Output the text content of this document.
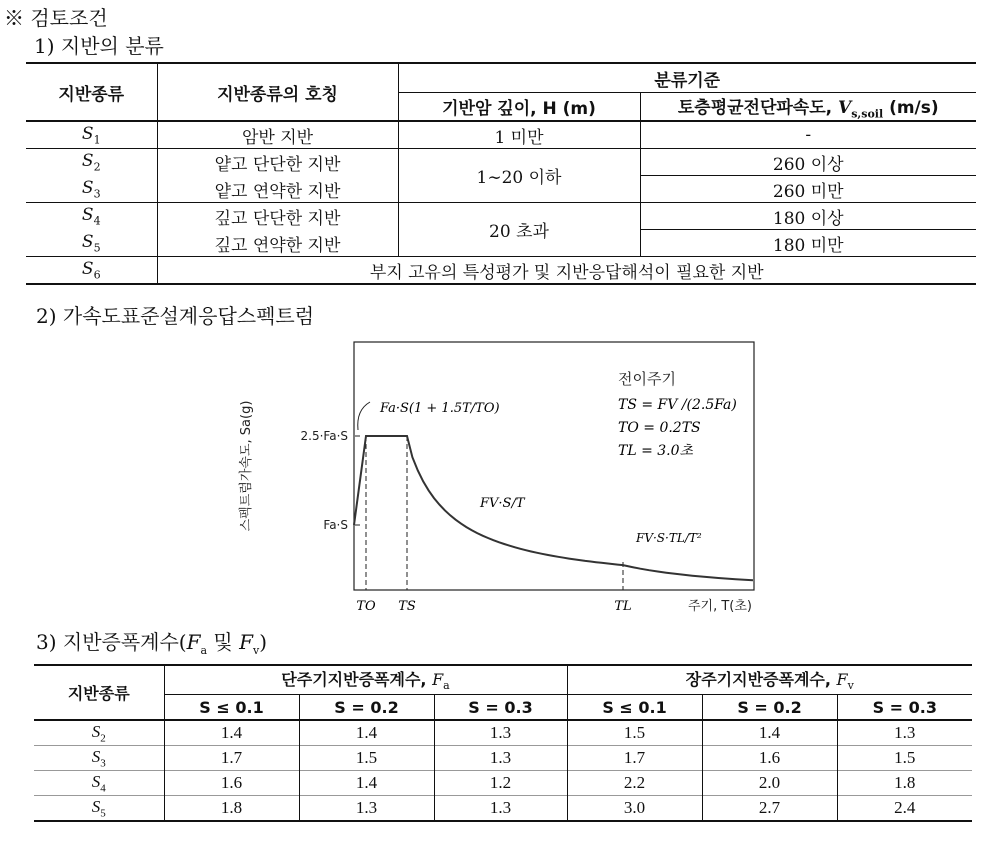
※ 검토조건
1) 지반의 분류
2) 가속도표준설계응답스펙트럼
3) 지반증폭계수($F_a$ 및 $F_v$)
지반종류	지반종류의 호칭	분류기준	
		기반암 깊이, H (m)	토층평균전단파속도, $V_{s,soil}$ (m/s)
$S_1$	암반 지반	1 미만	-
$S_2$	얕고 단단한 지반	1∼20 이하	260 이상
$S_3$	얕고 연약한 지반		260 미만
$S_4$	깊고 단단한 지반	20 초과	180 이상
$S_5$	깊고 연약한 지반		180 미만
$S_6$	부지 고유의 특성평가 및 지반응답해석이 필요한 지반		
스펙트럼가속도, Sa(g)	2.5·Fa·S
Fa·S
TO TS	TL	주기, T(초)
Fa·S(1 + 1.5T/TO)
FV·S/T
FV·S·TL/T²
전이주기
TS = FV /(2.5Fa)
TO = 0.2TS
TL = 3.0초
지반종류	단주기지반증폭계수, $F_a$			장주기지반증폭계수, $F_v$
	S ≤ 0.1	S = 0.2	S = 0.3	S ≤ 0.1	S = 0.2	S = 0.3
$S_2$	1.4	1.4	1.3	1.5	1.4	1.3
$S_3$	1.7	1.5	1.3	1.7	1.6	1.5
$S_4$	1.6	1.4	1.2	2.2	2.0	1.8
$S_5$	1.8	1.3	1.3	3.0	2.7	2.4
